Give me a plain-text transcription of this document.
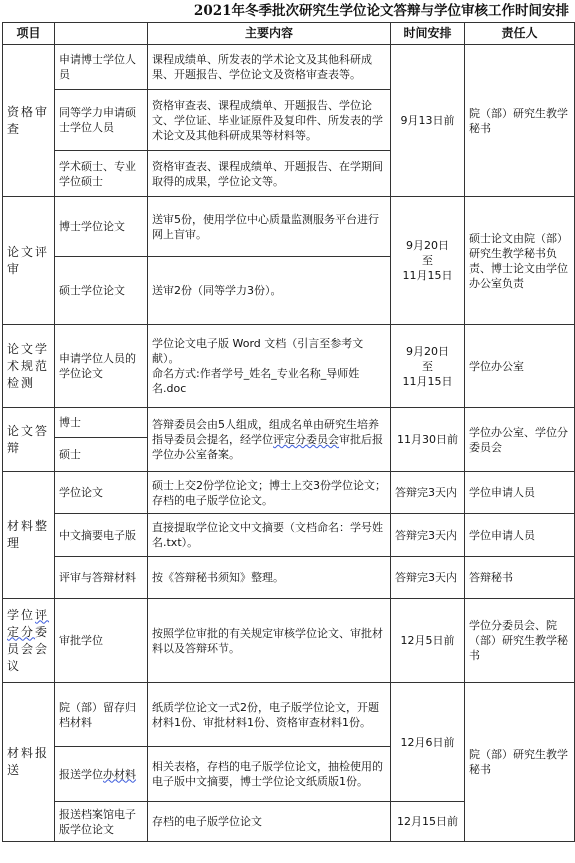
2021年冬季批次研究生学位论文答辩与学位审核工作时间安排
项目		主要内容	时间安排	责任人
资格审查	申请博士学位人员	课程成绩单、所发表的学术论文及其他科研成果、开题报告、学位论文及资格审查表等。	9月13日前	院（部）研究生教学秘书
	同等学力申请硕士学位人员	资格审查表、课程成绩单、开题报告、学位论文、学位证、毕业证原件及复印件、所发表的学术论文及其他科研成果等材料等。		
	学术硕士、专业学位硕士	资格审查表、课程成绩单、开题报告、在学期间取得的成果，学位论文等。		
论文评审	博士学位论文	送审5份，使用学位中心质量监测服务平台进行网上盲审。	9月20日
至
11月15日	硕士论文由院（部）研究生教学秘书负责、博士论文由学位办公室负责
	硕士学位论文	送审2份（同等学力3份）。		
论文学术规范检测	申请学位人员的学位论文	学位论文电子版 Word 文档（引言至参考文献）。
命名方式:作者学号_姓名_专业名称_导师姓名.doc	9月20日
至
11月15日	学位办公室
论文答辩	博士	答辩委员会由5人组成，组成名单由研究生培养指导委员会提名，经学位评定分委员会审批后报学位办公室备案。	11月30日前	学位办公室、学位分委员会
	硕士			
材料整理	学位论文	硕士上交2份学位论文；博士上交3份学位论文；存档的电子版学位论文。	答辩完3天内	学位申请人员
	中文摘要电子版	直接提取学位论文中文摘要（文档命名：学号姓名.txt）。	答辩完3天内	学位申请人员
	评审与答辩材料	按《答辩秘书须知》整理。	答辩完3天内	答辩秘书
学位评定分委员会会议	审批学位	按照学位审批的有关规定审核学位论文、审批材料以及答辩环节。	12月5日前	学位分委员会、院（部）研究生教学秘书
材料报送	院（部）留存归档材料	纸质学位论文一式2份，电子版学位论文，开题材料1份、审批材料1份、资格审查材料1份。	12月6日前	院（部）研究生教学秘书
	报送学位办材料	相关表格，存档的电子版学位论文，抽检使用的电子版中文摘要，博士学位论文纸质版1份。		
	报送档案馆电子版学位论文	存档的电子版学位论文	12月15日前	
